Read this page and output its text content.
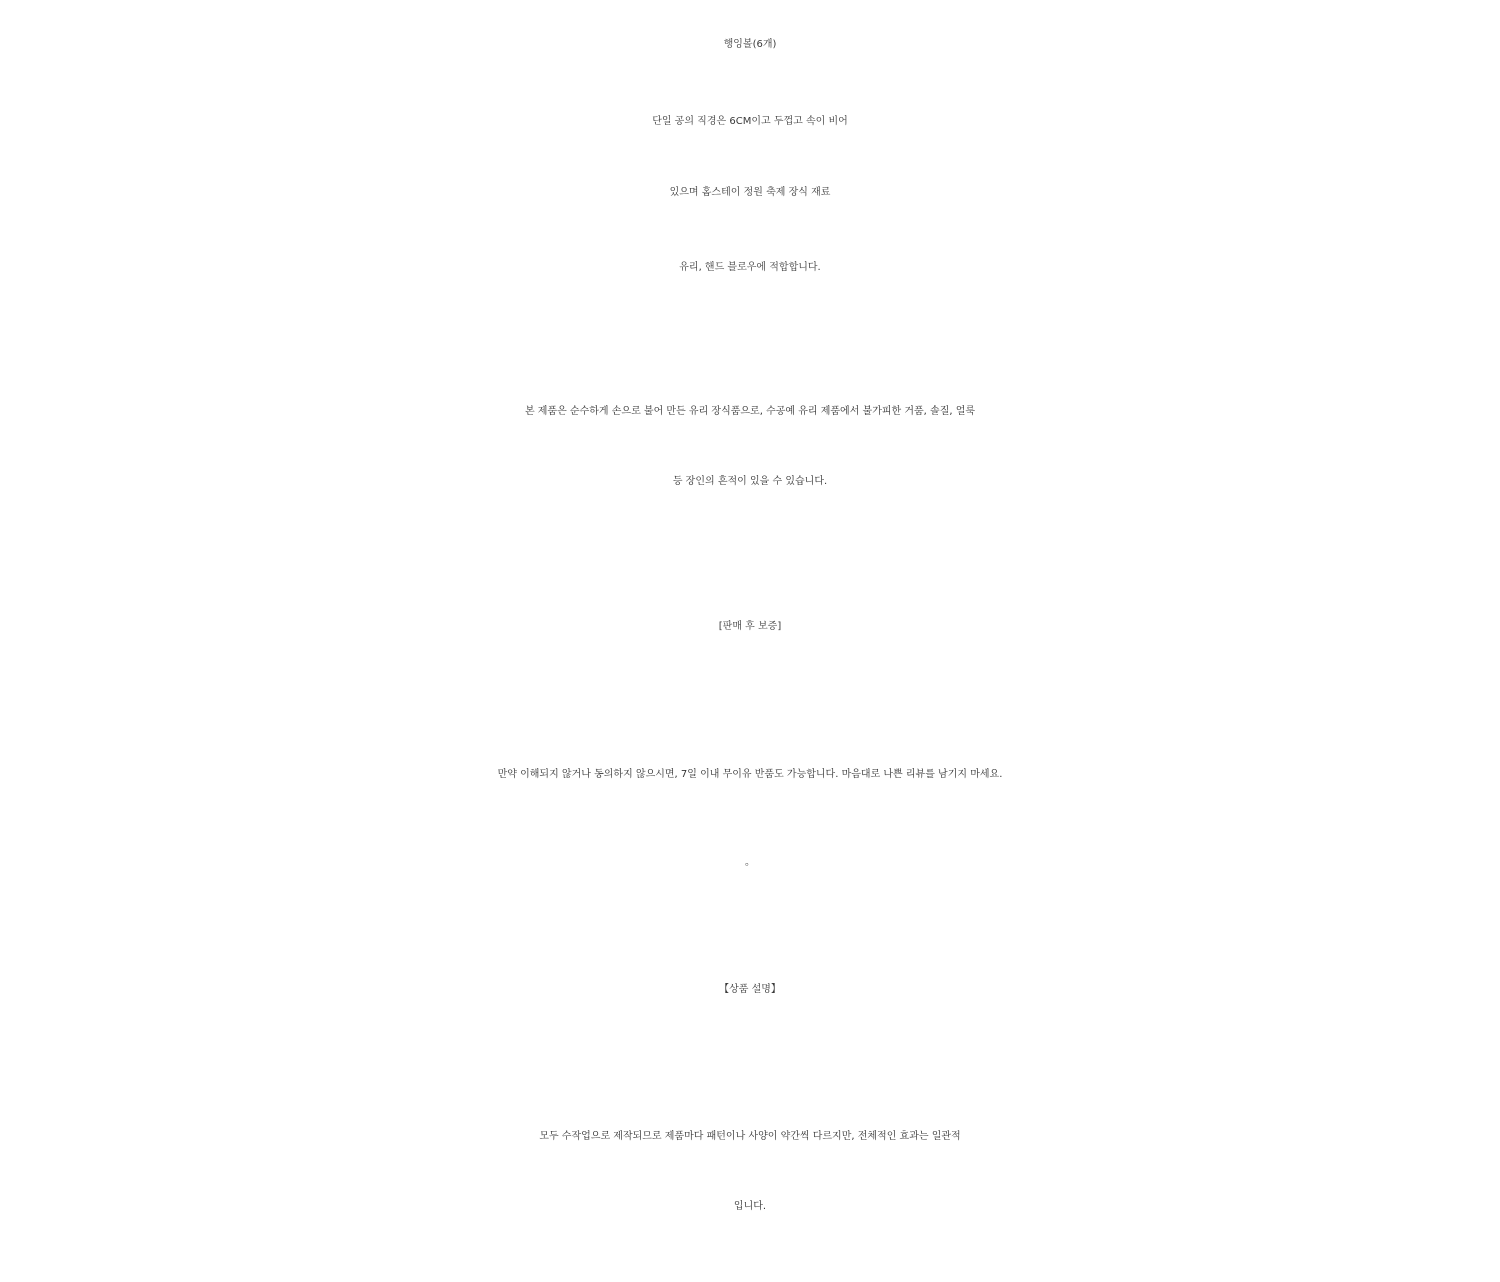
행잉볼(6개)
단일 공의 직경은 6CM이고 두껍고 속이 비어
있으며 홈스테이 정원 축제 장식 재료
유리, 핸드 블로우에 적합합니다.
본 제품은 순수하게 손으로 불어 만든 유리 장식품으로, 수공예 유리 제품에서 불가피한 거품, 솔질, 얼룩
등 장인의 흔적이 있을 수 있습니다.
[판매 후 보증]
만약 이해되지 않거나 동의하지 않으시면, 7일 이내 무이유 반품도 가능합니다. 마음대로 나쁜 리뷰를 남기지 마세요.
。
【상품 설명】
모두 수작업으로 제작되므로 제품마다 패턴이나 사양이 약간씩 다르지만, 전체적인 효과는 일관적
입니다.
